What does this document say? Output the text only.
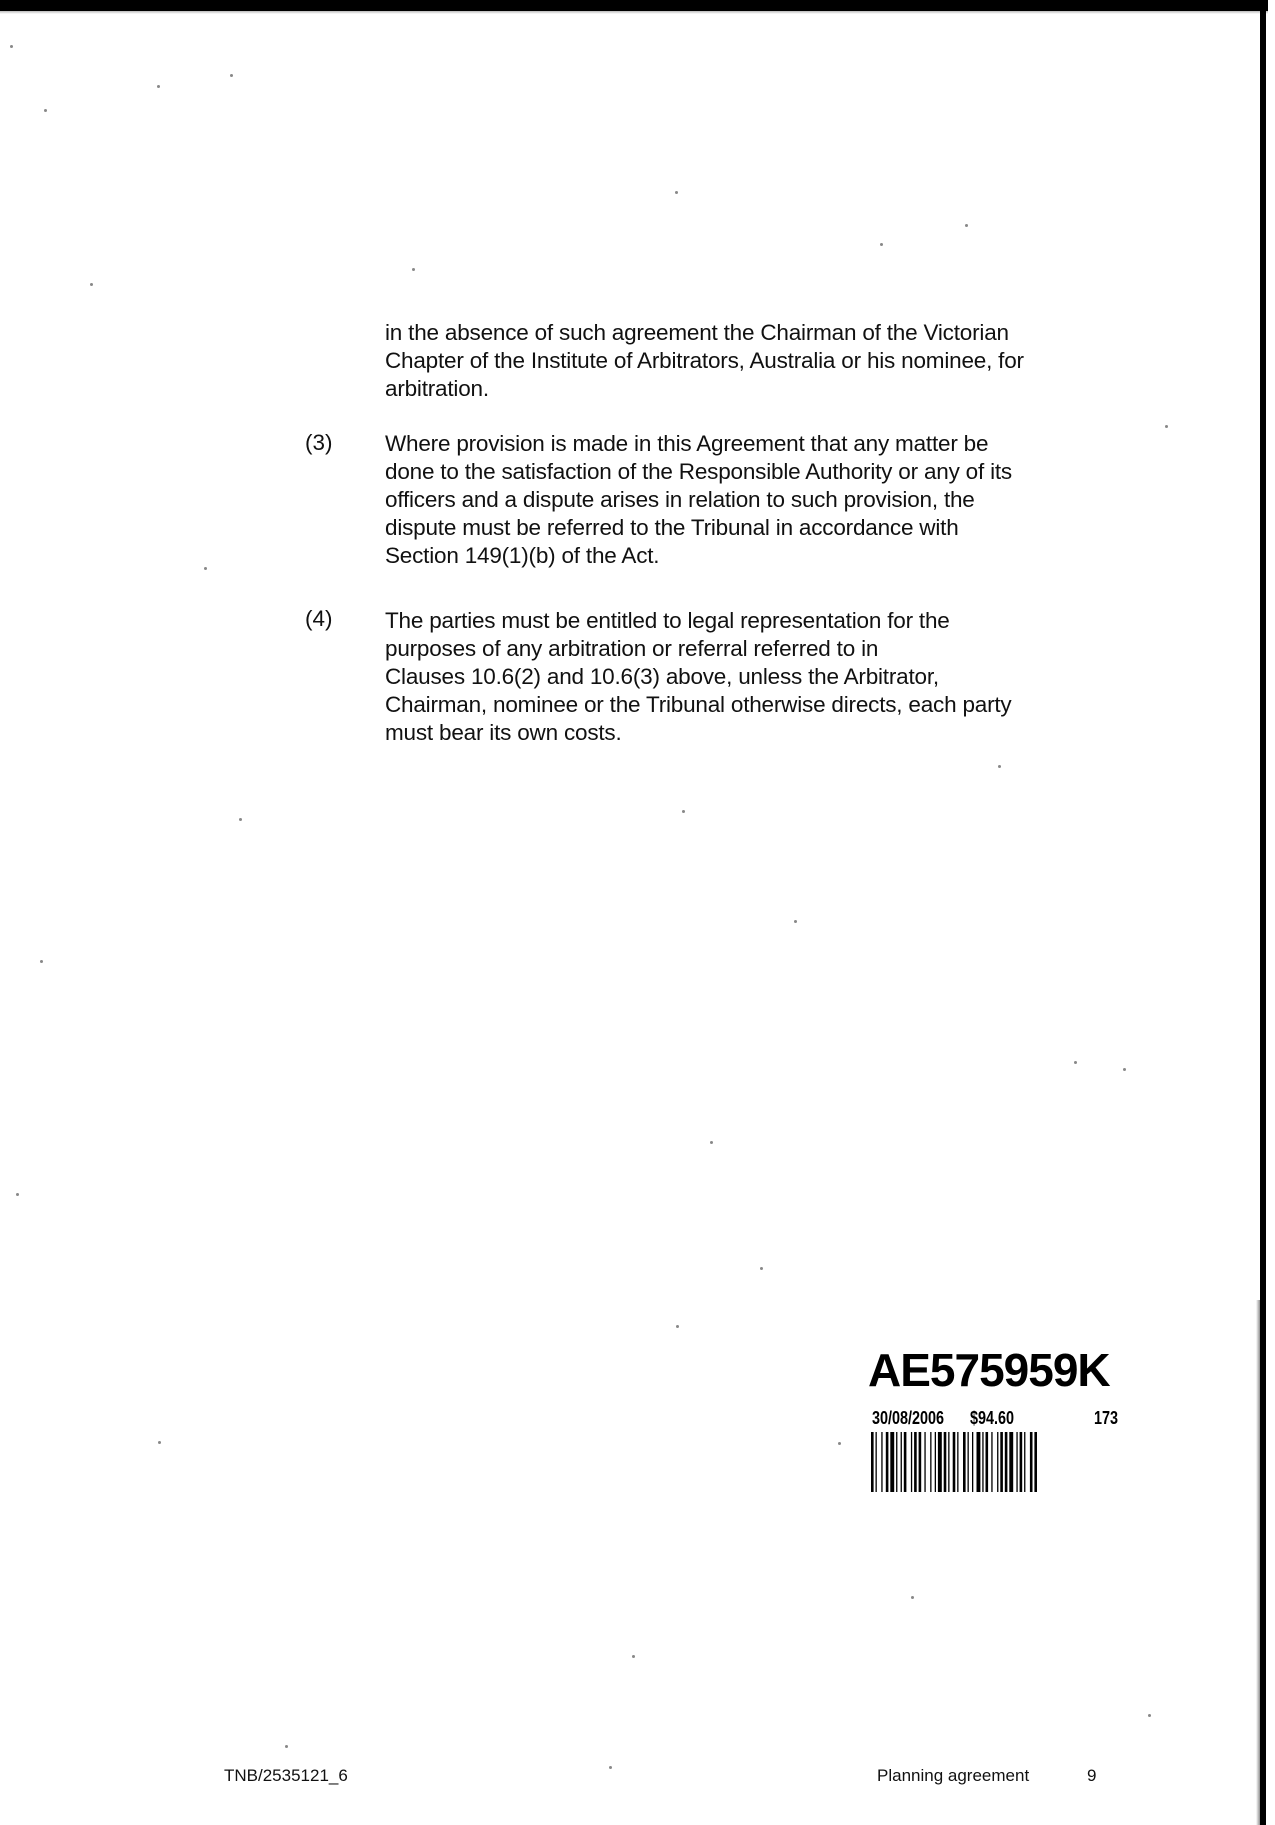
in the absence of such agreement the Chairman of the Victorian
Chapter of the Institute of Arbitrators, Australia or his nominee, for
arbitration.
(3) Where provision is made in this Agreement that any matter be
done to the satisfaction of the Responsible Authority or any of its
officers and a dispute arises in relation to such provision, the
dispute must be referred to the Tribunal in accordance with
Section 149(1)(b) of the Act.
(4) The parties must be entitled to legal representation for the
purposes of any arbitration or referral referred to in
Clauses 10.6(2) and 10.6(3) above, unless the Arbitrator,
Chairman, nominee or the Tribunal otherwise directs, each party
must bear its own costs.
AE575959K
30/08/2006 $94.60	173
TNB/2535121_6	Planning agreement	9
